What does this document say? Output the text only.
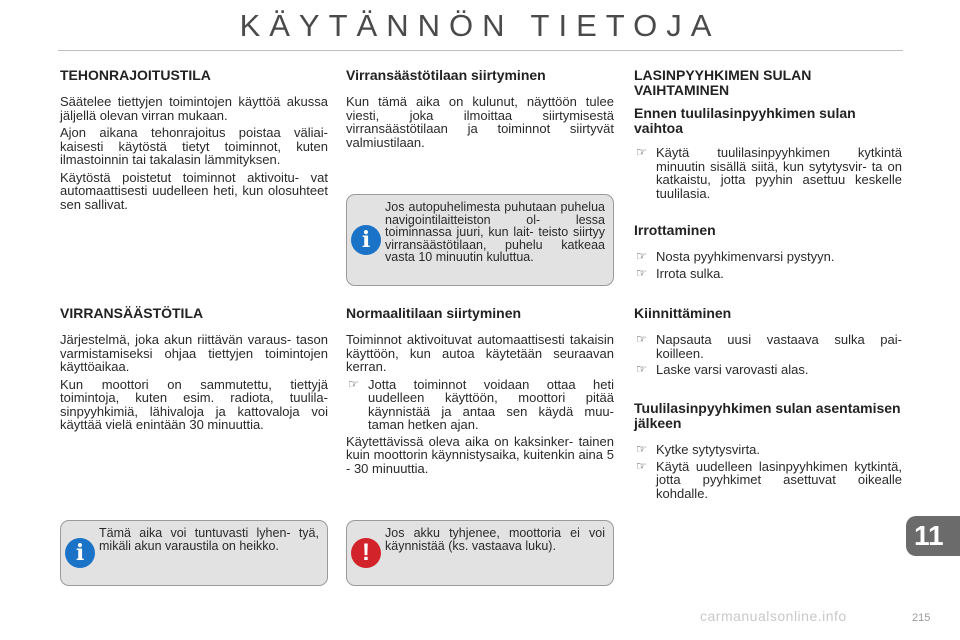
KÄYTÄNNÖN TIETOJA
TEHONRAJOITUSTILA

Säätelee tiettyjen toimintojen käyttöä akussa jäljellä olevan virran mukaan.

Ajon aikana tehonrajoitus poistaa väliai- kaisesti käytöstä tietyt toiminnot, kuten ilmastoinnin tai takalasin lämmityksen.

Käytöstä poistetut toiminnot aktivoitu- vat automaattisesti uudelleen heti, kun olosuhteet sen sallivat.

VIRRANSÄÄSTÖTILA

Järjestelmä, joka akun riittävän varaus- tason varmistamiseksi ohjaa tiettyjen toimintojen käyttöaikaa.

Kun moottori on sammutettu, tiettyjä toimintoja, kuten esim. radiota, tuulila- sinpyyhkimiä, lähivaloja ja kattovaloja voi käyttää vielä enintään 30 minuuttia.

i
Tämä aika voi tuntuvasti lyhen- tyä, mikäli akun varaustila on heikko.
Virransäästötilaan siirtyminen

Kun tämä aika on kulunut, näyttöön tulee viesti, joka ilmoittaa siirtymisestä virransäästötilaan ja toiminnot siirtyvät valmiustilaan.

i
Jos autopuhelimesta puhutaan puhelua navigointilaitteiston ol- lessa toiminnassa juuri, kun lait- teisto siirtyy virransäästötilaan, puhelu katkeaa vasta 10 minuutin kuluttua.
Normaalitilaan siirtyminen

Toiminnot aktivoituvat automaattisesti takaisin käyttöön, kun autoa käytetään seuraavan kerran.

☞ Jotta toiminnot voidaan ottaa heti uudelleen käyttöön, moottori pitää käynnistää ja antaa sen käydä muu- taman hetken ajan.

Käytettävissä oleva aika on kaksinker- tainen kuin moottorin käynnistysaika, kuitenkin aina 5 - 30 minuuttia.

!
Jos akku tyhjenee, moottoria ei voi käynnistää (ks. vastaava luku).
LASINPYYHKIMEN SULAN VAIHTAMINEN
Ennen tuulilasinpyyhkimen sulan vaihtoa
☞ Käytä tuulilasinpyyhkimen kytkintä minuutin sisällä siitä, kun sytytysvir- ta on katkaistu, jotta pyyhin asettuu keskelle tuulilasia.
Irrottaminen
☞ Nosta pyyhkimenvarsi pystyyn.
☞ Irrota sulka.
Kiinnittäminen
☞ Napsauta uusi vastaava sulka pai- koilleen.
☞ Laske varsi varovasti alas.
Tuulilasinpyyhkimen sulan asentamisen jälkeen
☞ Kytke sytytysvirta.
☞ Käytä uudelleen lasinpyyhkimen kytkintä, jotta pyyhkimet asettuvat oikealle kohdalle.
11
carmanualsonline.info	215
